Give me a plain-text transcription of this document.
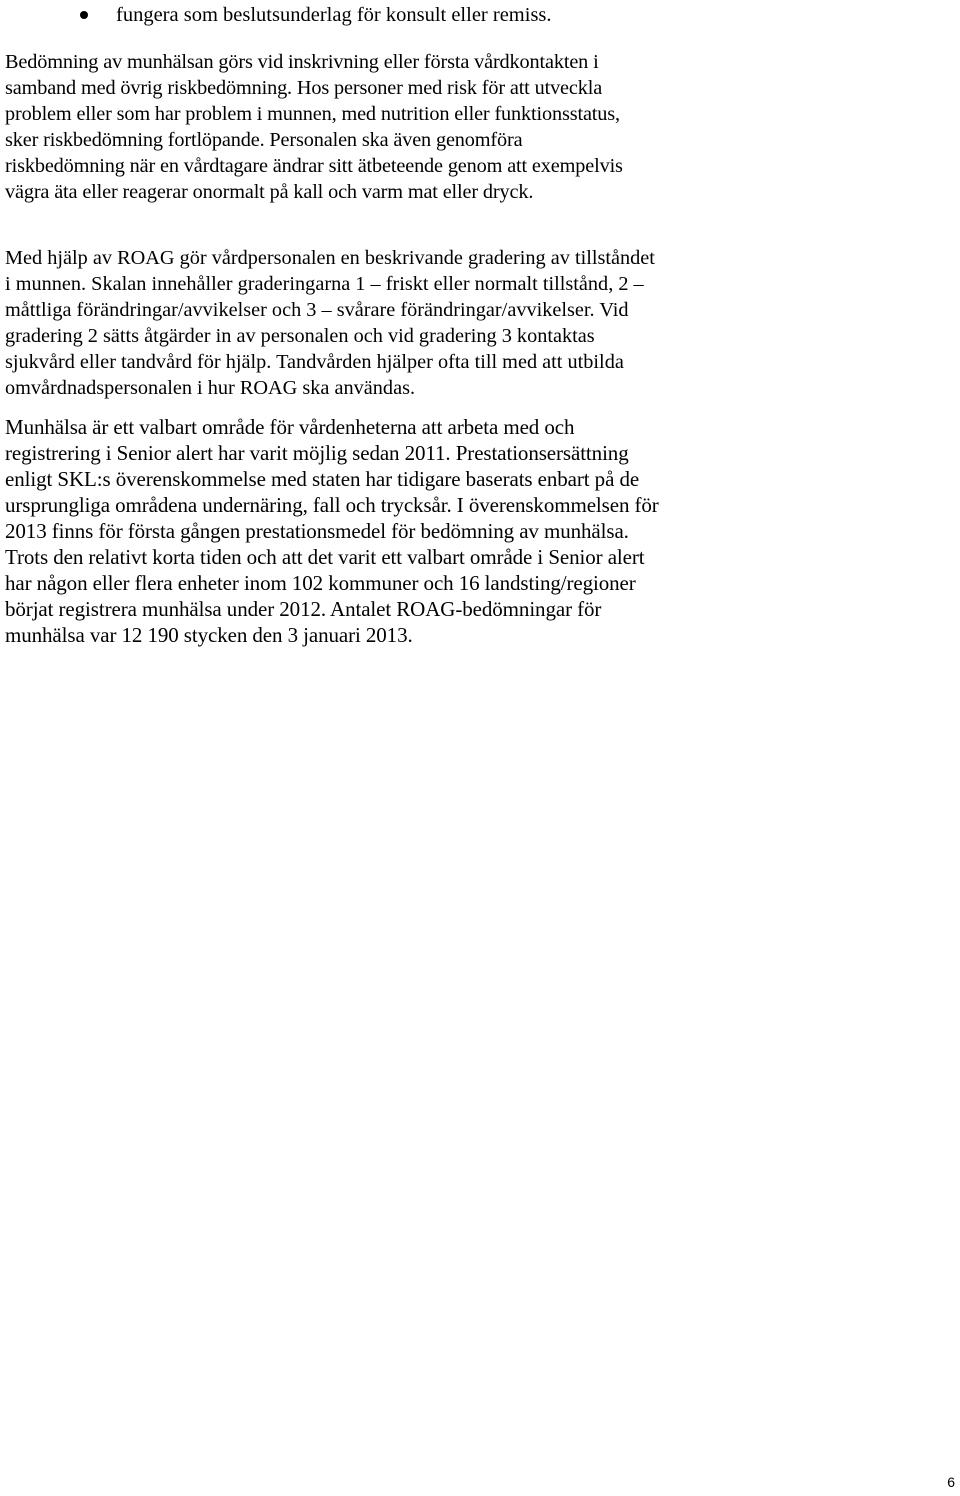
fungera som beslutsunderlag för konsult eller remiss.
Bedömning av munhälsan görs vid inskrivning eller första vårdkontakten i
samband med övrig riskbedömning. Hos personer med risk för att utveckla
problem eller som har problem i munnen, med nutrition eller funktionsstatus,
sker riskbedömning fortlöpande. Personalen ska även genomföra
riskbedömning när en vårdtagare ändrar sitt ätbeteende genom att exempelvis
vägra äta eller reagerar onormalt på kall och varm mat eller dryck.
Med hjälp av ROAG gör vårdpersonalen en beskrivande gradering av tillståndet
i munnen. Skalan innehåller graderingarna 1 – friskt eller normalt tillstånd, 2 –
måttliga förändringar/avvikelser och 3 – svårare förändringar/avvikelser. Vid
gradering 2 sätts åtgärder in av personalen och vid gradering 3 kontaktas
sjukvård eller tandvård för hjälp. Tandvården hjälper ofta till med att utbilda
omvårdnadspersonalen i hur ROAG ska användas.
Munhälsa är ett valbart område för vårdenheterna att arbeta med och
registrering i Senior alert har varit möjlig sedan 2011. Prestationsersättning
enligt SKL:s överenskommelse med staten har tidigare baserats enbart på de
ursprungliga områdena undernäring, fall och trycksår. I överenskommelsen för
2013 finns för första gången prestationsmedel för bedömning av munhälsa.
Trots den relativt korta tiden och att det varit ett valbart område i Senior alert
har någon eller flera enheter inom 102 kommuner och 16 landsting/regioner
börjat registrera munhälsa under 2012. Antalet ROAG-bedömningar för
munhälsa var 12 190 stycken den 3 januari 2013.
6
